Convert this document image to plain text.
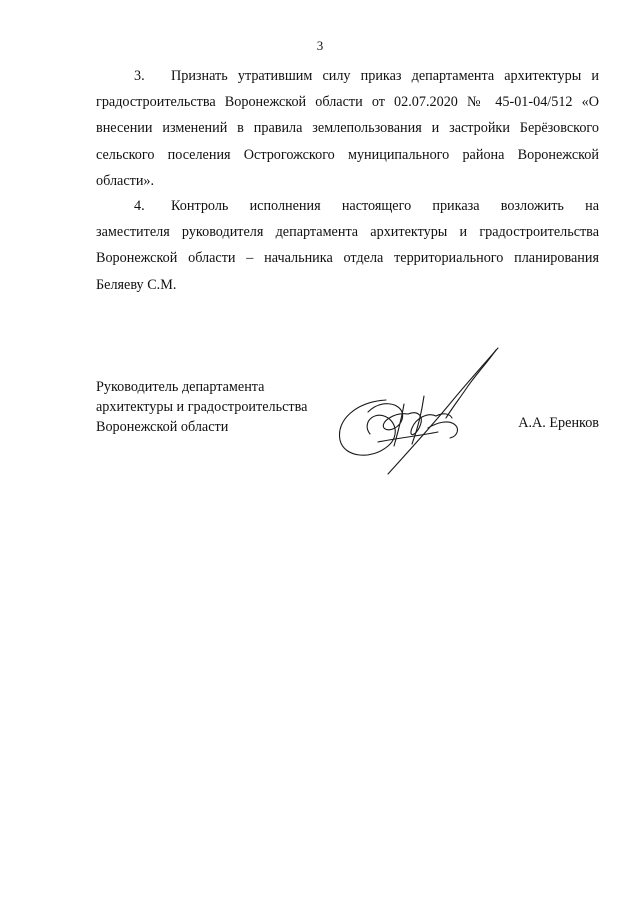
3
3. Признать утратившим силу приказ департамента архитектуры и градостроительства Воронежской области от 02.07.2020 № 45-01-04/512 «О внесении изменений в правила землепользования и застройки Берёзовского сельского поселения Острогожского муниципального района Воронежской области».
4. Контроль исполнения настоящего приказа возложить на
заместителя руководителя департамента архитектуры и градостроительства Воронежской области – начальника отдела территориального планирования Беляеву С.М.
Руководитель департамента
архитектуры и градостроительства
Воронежской области	А.А. Еренков
